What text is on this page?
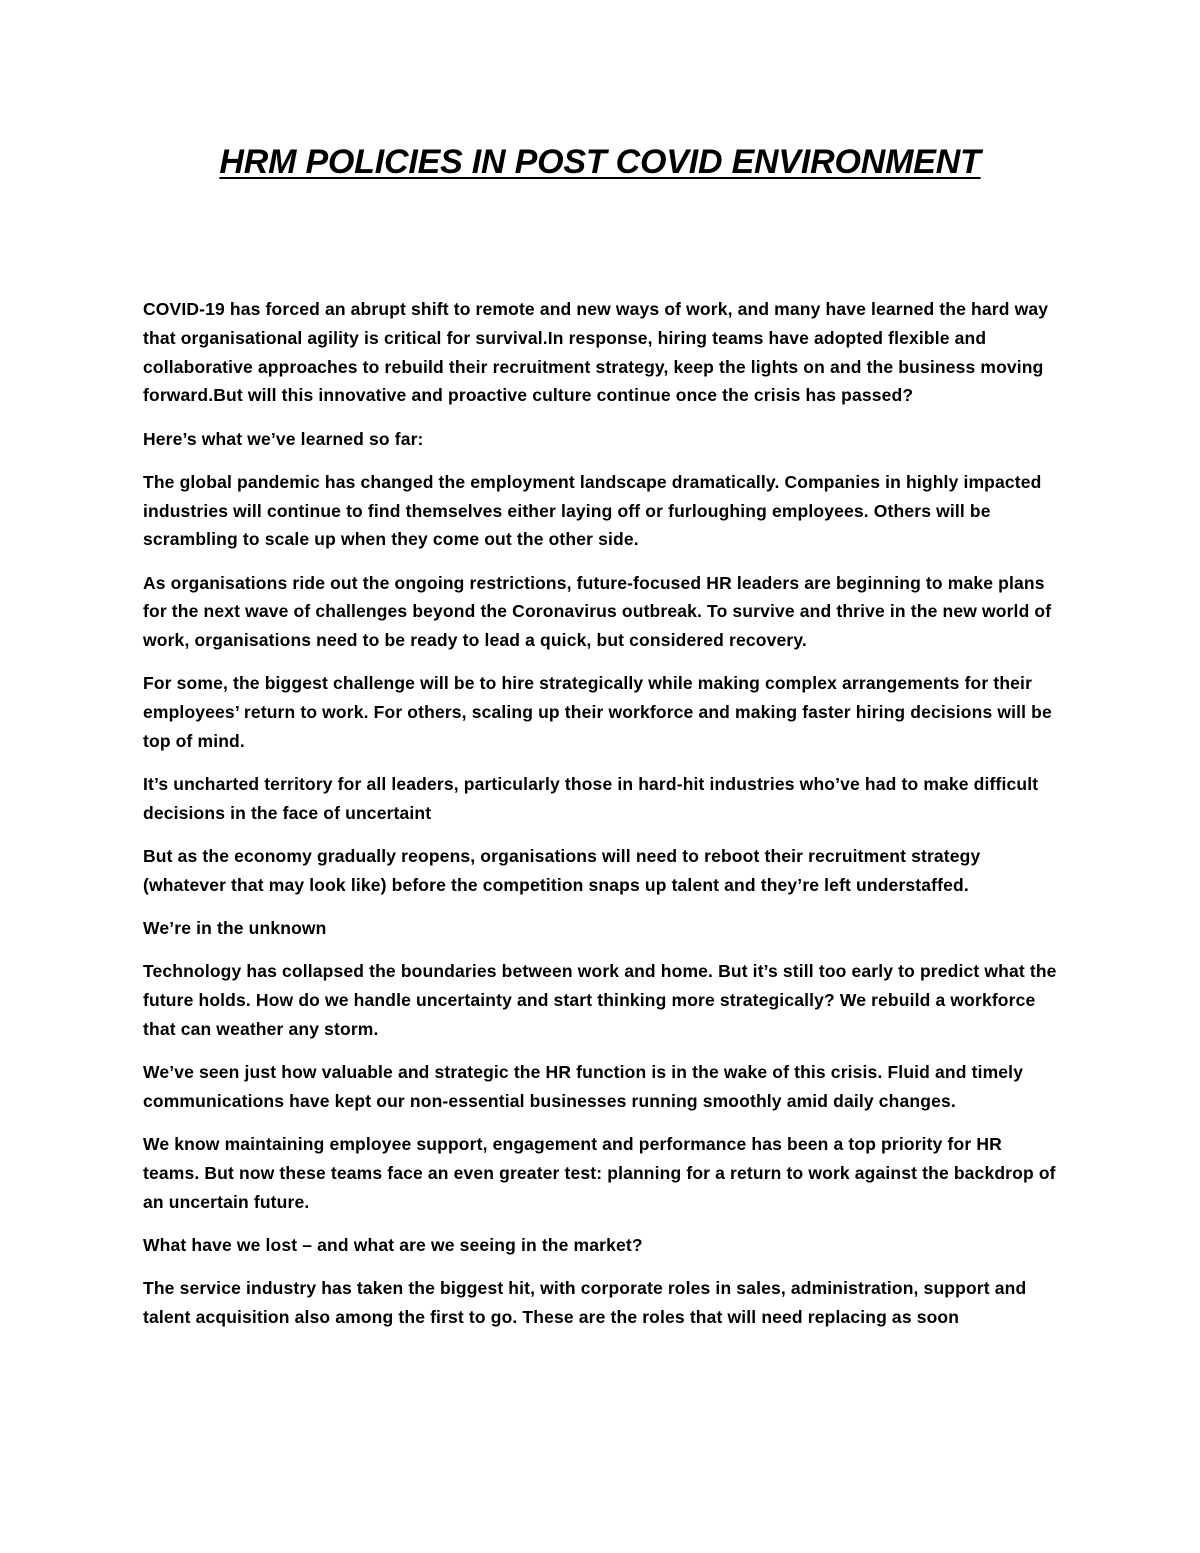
HRM POLICIES IN POST COVID ENVIRONMENT

COVID-19 has forced an abrupt shift to remote and new ways of work, and many have learned the hard way that organisational agility is critical for survival.In response, hiring teams have adopted flexible and collaborative approaches to rebuild their recruitment strategy, keep the lights on and the business moving forward.But will this innovative and proactive culture continue once the crisis has passed?

Here’s what we’ve learned so far:

The global pandemic has changed the employment landscape dramatically. Companies in highly impacted industries will continue to find themselves either laying off or furloughing employees. Others will be scrambling to scale up when they come out the other side.

As organisations ride out the ongoing restrictions, future-focused HR leaders are beginning to make plans for the next wave of challenges beyond the Coronavirus outbreak. To survive and thrive in the new world of work, organisations need to be ready to lead a quick, but considered recovery.

For some, the biggest challenge will be to hire strategically while making complex arrangements for their employees’ return to work. For others, scaling up their workforce and making faster hiring decisions will be top of mind.

It’s uncharted territory for all leaders, particularly those in hard-hit industries who’ve had to make difficult decisions in the face of uncertaint

But as the economy gradually reopens, organisations will need to reboot their recruitment strategy (whatever that may look like) before the competition snaps up talent and they’re left understaffed.

We’re in the unknown

Technology has collapsed the boundaries between work and home. But it’s still too early to predict what the future holds. How do we handle uncertainty and start thinking more strategically? We rebuild a workforce that can weather any storm.

We’ve seen just how valuable and strategic the HR function is in the wake of this crisis. Fluid and timely communications have kept our non-essential businesses running smoothly amid daily changes.

We know maintaining employee support, engagement and performance has been a top priority for HR teams. But now these teams face an even greater test: planning for a return to work against the backdrop of an uncertain future.

What have we lost – and what are we seeing in the market?

The service industry has taken the biggest hit, with corporate roles in sales, administration, support and talent acquisition also among the first to go. These are the roles that will need replacing as soon
